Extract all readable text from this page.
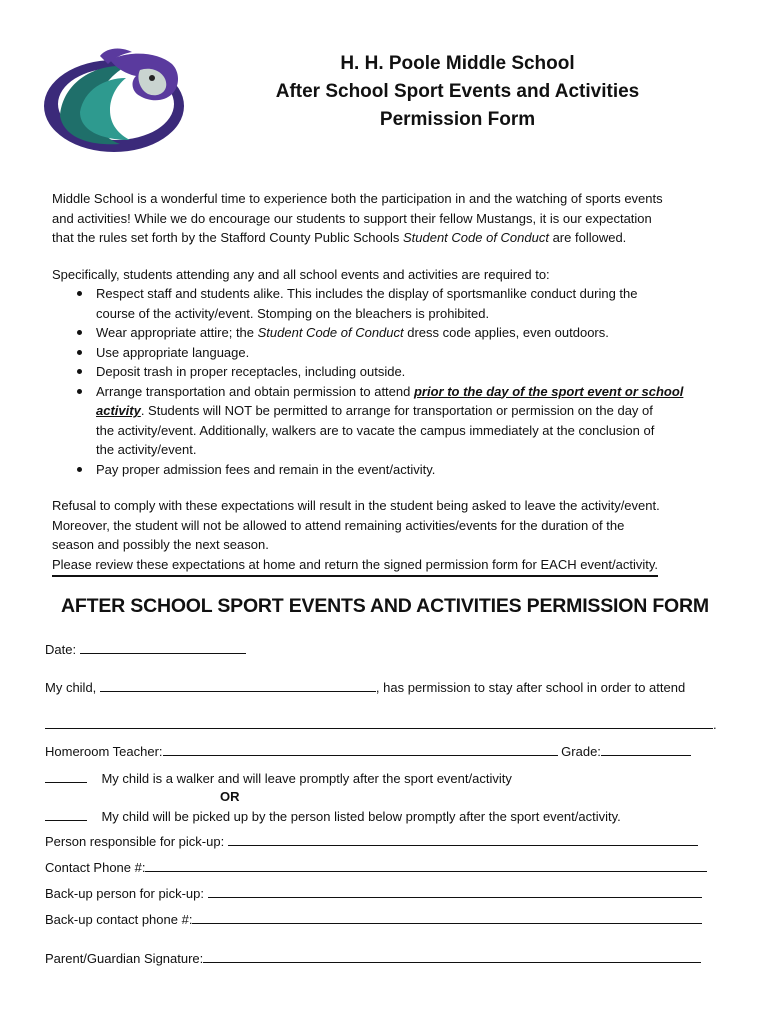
H. H. Poole Middle School
After School Sport Events and Activities
Permission Form

Middle School is a wonderful time to experience both the participation in and the watching of sports events

and activities! While we do encourage our students to support their fellow Mustangs, it is our expectation

that the rules set forth by the Stafford County Public Schools Student Code of Conduct are followed.

Specifically, students attending any and all school events and activities are required to:

Respect staff and students alike. This includes the display of sportsmanlike conduct during the
course of the activity/event. Stomping on the bleachers is prohibited.
Wear appropriate attire; the Student Code of Conduct dress code applies, even outdoors.
Use appropriate language.
Deposit trash in proper receptacles, including outside.
Arrange transportation and obtain permission to attend prior to the day of the sport event or school
activity. Students will NOT be permitted to arrange for transportation or permission on the day of
the activity/event. Additionally, walkers are to vacate the campus immediately at the conclusion of
the activity/event.
Pay proper admission fees and remain in the event/activity.

Refusal to comply with these expectations will result in the student being asked to leave the activity/event.

Moreover, the student will not be allowed to attend remaining activities/events for the duration of the

season and possibly the next season.

Please review these expectations at home and return the signed permission form for EACH event/activity.

AFTER SCHOOL SPORT EVENTS AND ACTIVITIES PERMISSION FORM
Date:
My child,	, has permission to stay after school in order to attend
.
Homeroom Teacher:	Grade:
My child is a walker and will leave promptly after the sport event/activity
OR
My child will be picked up by the person listed below promptly after the sport event/activity.
Person responsible for pick-up:
Contact Phone #:
Back-up person for pick-up:
Back-up contact phone #:
Parent/Guardian Signature:
